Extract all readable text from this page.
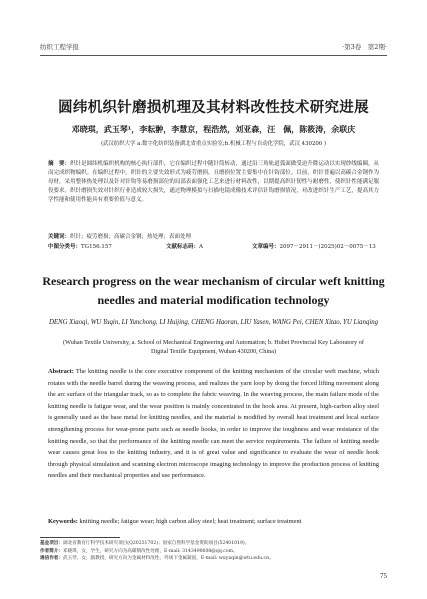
纺织工程学报	·第3卷　第2期·
圆纬机织针磨损机理及其材料改性技术研究进展
邓晓琪，武玉琴¹，李耘翀，李慧京，程浩然，刘亚森，汪　佩，陈筱涛，余联庆
(武汉纺织大学 a.数字化纺织装备湖北省重点实验室;b.机械工程与自动化学院，武汉 430200 )
摘　要：织针是圆纬机编织机构的核心执行部件，它在编织过程中随针筒转动，通过沿三角轨道弧面做受迫升降运动以实现纱线编圈，从而完成织物编织。在编织过程中，织针的主要失效形式为疲劳磨损，且磨损位置主要集中在针钩部位。目前，织针普遍以高碳合金钢作为母材，采用整体热处理以及针对针钩等易磨损部位的局部表面强化工艺来进行材料改性，以期提高织针韧性与耐磨性，使织针性能满足服役要求。织针磨损失效对针织行业造成较大损失，通过物理模拟与扫描电镜成像技术评估针钩磨损情况，对改进织针生产工艺，提高其力学性能和使用性能具有重要价值与意义。
关键词：织针；疲劳磨损；高碳合金钢；热处理；表面处理
中图分类号：TG156.157	文献标志码：A	文章编号：2097－2911－(2025)02－0075－13
Research progress on the wear mechanism of circular weft knitting needles and material modification technology
DENG Xiaoqi, WU Yuqin, LI Yunchong, LI Huijing, CHENG Haoran, LIU Yasen, WANG Pei, CHEN Xitao, YU Lianqing
(Wuhan Textile University, a. School of Mechanical Engineering and Automation; b. Hubei Provincial Key Laboratory of Digital Textile Equipment, Wuhan 430200, China)
Abstract: The knitting needle is the core executive component of the knitting mechanism of the circular weft machine, which rotates with the needle barrel during the weaving process, and realizes the yarn loop by doing the forced lifting movement along the arc surface of the triangular track, so as to complete the fabric weaving. In the weaving process, the main failure mode of the knitting needle is fatigue wear, and the wear position is mainly concentrated in the hook area. At present, high-carbon alloy steel is generally used as the base metal for knitting needles, and the material is modified by overall heat treatment and local surface strengthening process for wear-prone parts such as needle hooks, in order to improve the toughness and wear resistance of the knitting needle, so that the performance of the knitting needle can meet the service requirements. The failure of knitting needle wear causes great loss to the knitting industry, and it is of great value and significance to evaluate the wear of needle hook through physical simulation and scanning electron microscope imaging technology to improve the production process of knitting needles and their mechanical properties and use performance.
Keywords: knitting needle; fatigue wear; high carbon alloy steel; heat treatment; surface treatment
基金项目：湖北省教育厅科学技术研究项目(Q20231702)；国家自然科学基金资助项目(52401019)。
作者简介：邓晓琪，女，学生，研究方向为高碳钢改性处理，E-mail: 3143490608@qq.com。
通信作者：武玉琴，女，副教授，研究方向为金属材料改性、外场下金属凝固，E-mail: wuyuqin@wtu.edu.cn。
75
